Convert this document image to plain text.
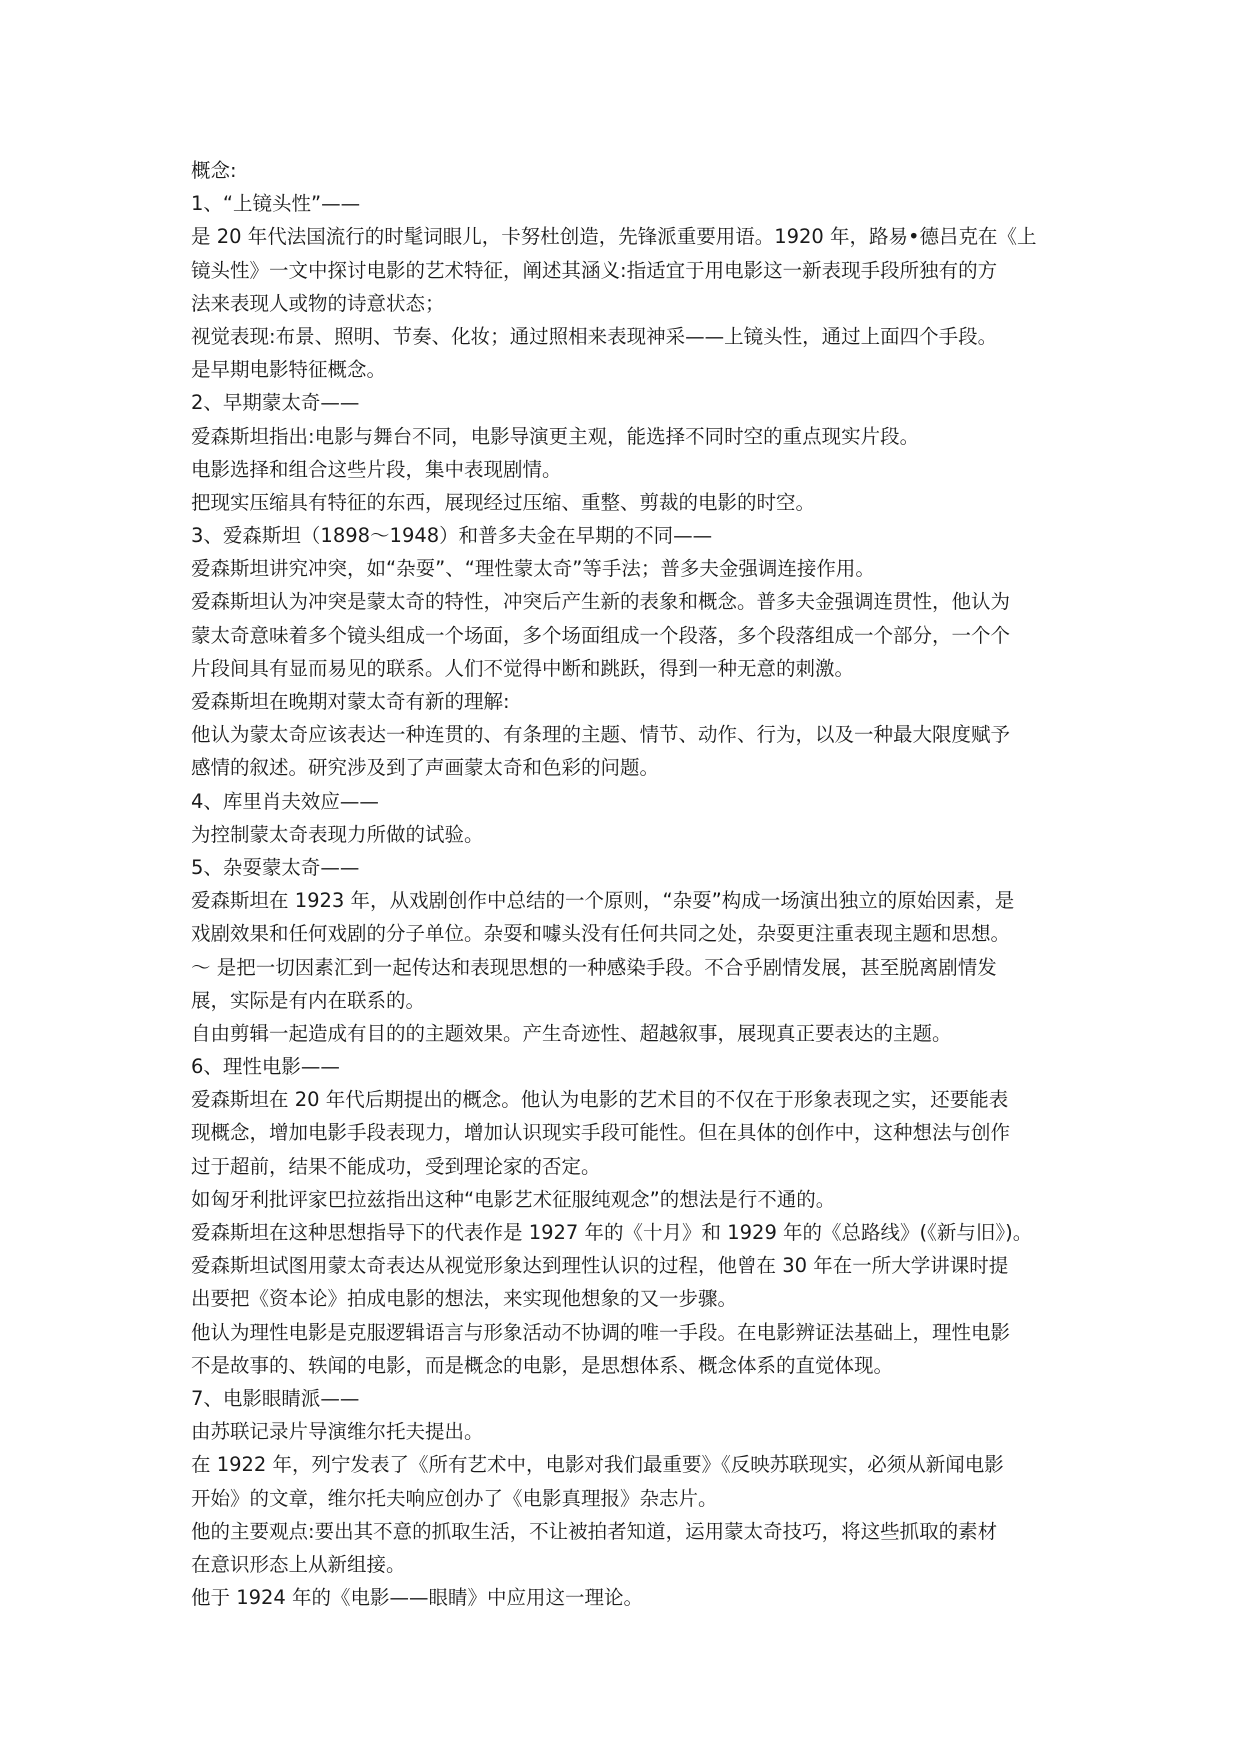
概念:
1、“上镜头性”——
是 20 年代法国流行的时髦词眼儿，卡努杜创造，先锋派重要用语。1920 年，路易•德吕克在《上
镜头性》一文中探讨电影的艺术特征，阐述其涵义:指适宜于用电影这一新表现手段所独有的方
法来表现人或物的诗意状态；
视觉表现:布景、照明、节奏、化妆；通过照相来表现神采——上镜头性，通过上面四个手段。
是早期电影特征概念。
2、早期蒙太奇——
爱森斯坦指出:电影与舞台不同，电影导演更主观，能选择不同时空的重点现实片段。
电影选择和组合这些片段，集中表现剧情。
把现实压缩具有特征的东西，展现经过压缩、重整、剪裁的电影的时空。
3、爱森斯坦（1898～1948）和普多夫金在早期的不同——
爱森斯坦讲究冲突，如“杂耍”、“理性蒙太奇”等手法；普多夫金强调连接作用。
爱森斯坦认为冲突是蒙太奇的特性，冲突后产生新的表象和概念。普多夫金强调连贯性，他认为
蒙太奇意味着多个镜头组成一个场面，多个场面组成一个段落，多个段落组成一个部分，一个个
片段间具有显而易见的联系。人们不觉得中断和跳跃，得到一种无意的刺激。
爱森斯坦在晚期对蒙太奇有新的理解:
他认为蒙太奇应该表达一种连贯的、有条理的主题、情节、动作、行为，以及一种最大限度赋予
感情的叙述。研究涉及到了声画蒙太奇和色彩的问题。
4、库里肖夫效应——
为控制蒙太奇表现力所做的试验。
5、杂耍蒙太奇——
爱森斯坦在 1923 年，从戏剧创作中总结的一个原则，“杂耍”构成一场演出独立的原始因素，是
戏剧效果和任何戏剧的分子单位。杂耍和噱头没有任何共同之处，杂耍更注重表现主题和思想。
～ 是把一切因素汇到一起传达和表现思想的一种感染手段。不合乎剧情发展，甚至脱离剧情发
展，实际是有内在联系的。
自由剪辑一起造成有目的的主题效果。产生奇迹性、超越叙事，展现真正要表达的主题。
6、理性电影——
爱森斯坦在 20 年代后期提出的概念。他认为电影的艺术目的不仅在于形象表现之实，还要能表
现概念，增加电影手段表现力，增加认识现实手段可能性。但在具体的创作中，这种想法与创作
过于超前，结果不能成功，受到理论家的否定。
如匈牙利批评家巴拉兹指出这种“电影艺术征服纯观念”的想法是行不通的。
爱森斯坦在这种思想指导下的代表作是 1927 年的《十月》和 1929 年的《总路线》(《新与旧》)。
爱森斯坦试图用蒙太奇表达从视觉形象达到理性认识的过程，他曾在 30 年在一所大学讲课时提
出要把《资本论》拍成电影的想法，来实现他想象的又一步骤。
他认为理性电影是克服逻辑语言与形象活动不协调的唯一手段。在电影辨证法基础上，理性电影
不是故事的、轶闻的电影，而是概念的电影，是思想体系、概念体系的直觉体现。
7、电影眼睛派——
由苏联记录片导演维尔托夫提出。
在 1922 年，列宁发表了《所有艺术中，电影对我们最重要》《反映苏联现实，必须从新闻电影
开始》的文章，维尔托夫响应创办了《电影真理报》杂志片。
他的主要观点:要出其不意的抓取生活，不让被拍者知道，运用蒙太奇技巧，将这些抓取的素材
在意识形态上从新组接。
他于 1924 年的《电影——眼睛》中应用这一理论。
